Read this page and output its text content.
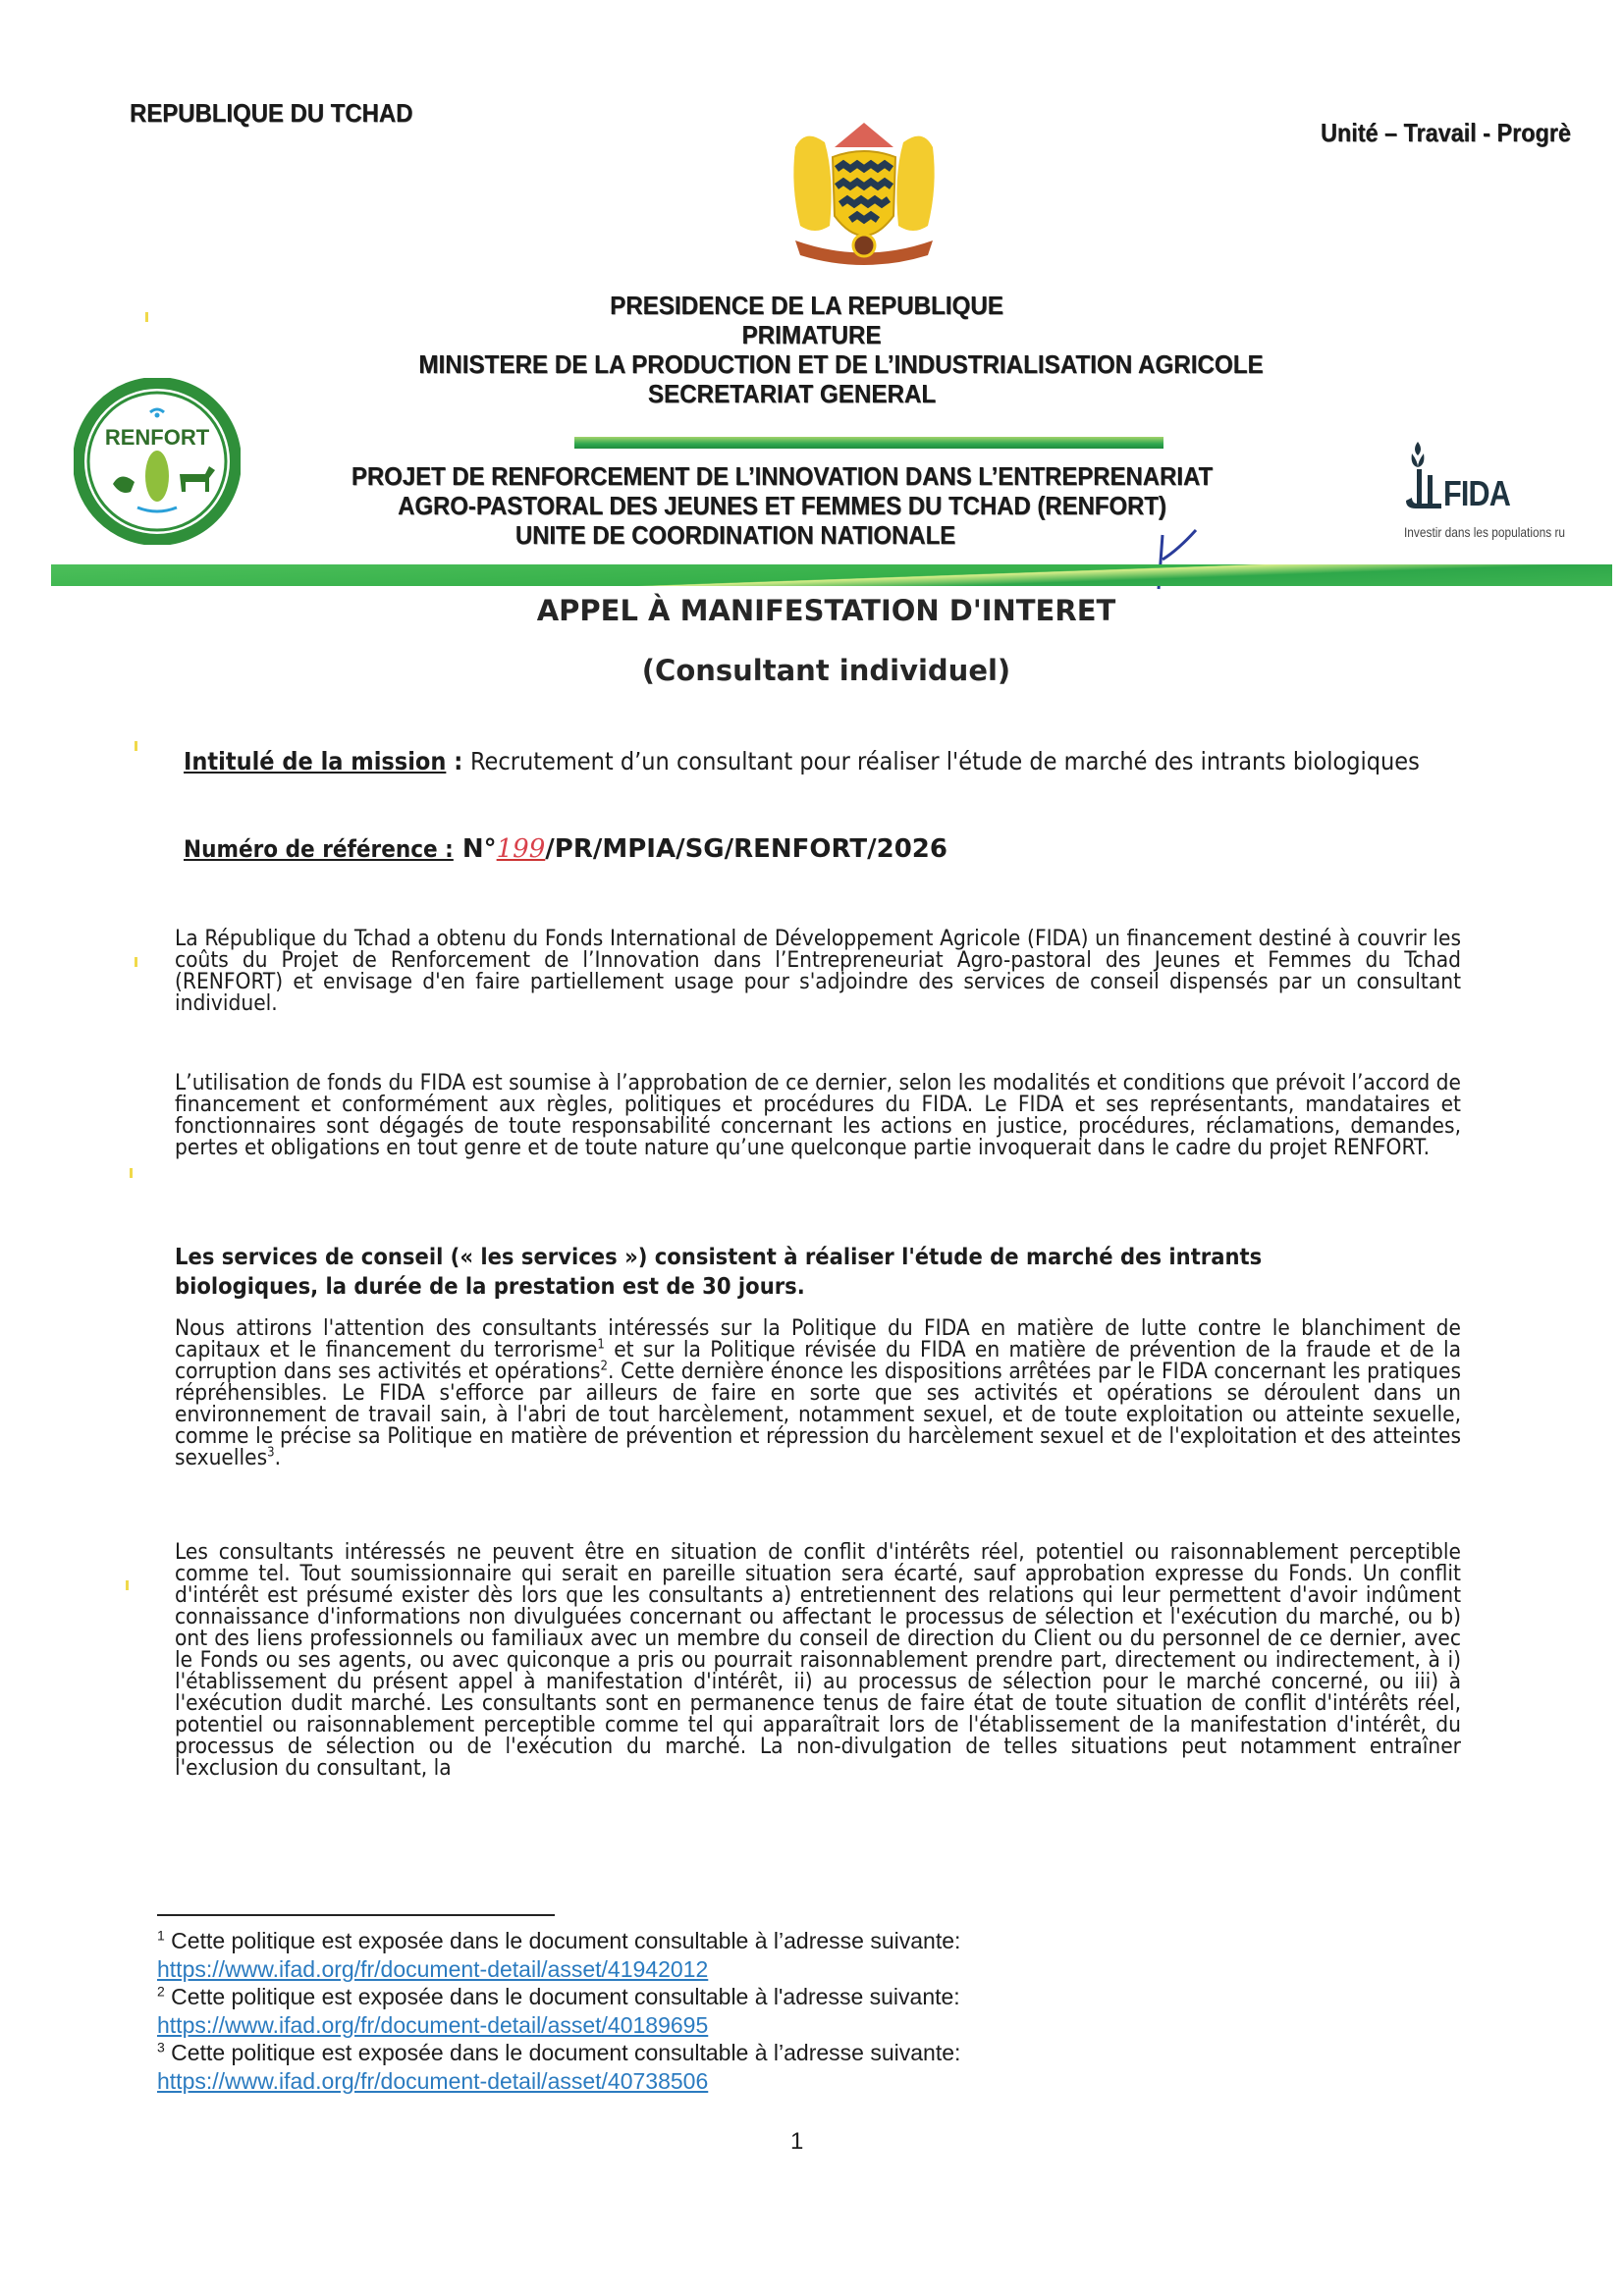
REPUBLIQUE DU TCHAD
Unité – Travail - Progrè
PRESIDENCE DE LA REPUBLIQUE
PRIMATURE
MINISTERE DE LA PRODUCTION ET DE L’INDUSTRIALISATION AGRICOLE
SECRETARIAT GENERAL
RENFORT
PROJET DE RENFORCEMENT DE L’INNOVATION DANS L’ENTREPRENARIAT
AGRO-PASTORAL DES JEUNES ET FEMMES DU TCHAD (RENFORT)
UNITE DE COORDINATION NATIONALE
FIDA
Investir dans les populations ru
APPEL À MANIFESTATION D'INTERET
(Consultant individuel)
Intitulé de la mission : Recrutement d’un consultant pour réaliser l'étude de marché des intrants biologiques
Numéro de référence : N°199/PR/MPIA/SG/RENFORT/2026
La République du Tchad a obtenu du Fonds International de Développement Agricole (FIDA) un financement destiné à couvrir les coûts du Projet de Renforcement de l’Innovation dans l’Entrepreneuriat Agro-pastoral des Jeunes et Femmes du Tchad (RENFORT) et envisage d'en faire partiellement usage pour s'adjoindre des services de conseil dispensés par un consultant individuel.
L’utilisation de fonds du FIDA est soumise à l’approbation de ce dernier, selon les modalités et conditions que prévoit l’accord de financement et conformément aux règles, politiques et procédures du FIDA. Le FIDA et ses représentants, mandataires et fonctionnaires sont dégagés de toute responsabilité concernant les actions en justice, procédures, réclamations, demandes, pertes et obligations en tout genre et de toute nature qu’une quelconque partie invoquerait dans le cadre du projet RENFORT.
Les services de conseil (« les services ») consistent à réaliser l'étude de marché des intrants biologiques, la durée de la prestation est de 30 jours.
Nous attirons l'attention des consultants intéressés sur la Politique du FIDA en matière de lutte contre le blanchiment de capitaux et le financement du terrorisme$^1$ et sur la Politique révisée du FIDA en matière de prévention de la fraude et de la corruption dans ses activités et opérations$^2$. Cette dernière énonce les dispositions arrêtées par le FIDA concernant les pratiques répréhensibles. Le FIDA s'efforce par ailleurs de faire en sorte que ses activités et opérations se déroulent dans un environnement de travail sain, à l'abri de tout harcèlement, notamment sexuel, et de toute exploitation ou atteinte sexuelle, comme le précise sa Politique en matière de prévention et répression du harcèlement sexuel et de l'exploitation et des atteintes sexuelles$^3$.
Les consultants intéressés ne peuvent être en situation de conflit d'intérêts réel, potentiel ou raisonnablement perceptible comme tel. Tout soumissionnaire qui serait en pareille situation sera écarté, sauf approbation expresse du Fonds. Un conflit d'intérêt est présumé exister dès lors que les consultants a) entretiennent des relations qui leur permettent d'avoir indûment connaissance d'informations non divulguées concernant ou affectant le processus de sélection et l'exécution du marché, ou b) ont des liens professionnels ou familiaux avec un membre du conseil de direction du Client ou du personnel de ce dernier, avec le Fonds ou ses agents, ou avec quiconque a pris ou pourrait raisonnablement prendre part, directement ou indirectement, à i) l'établissement du présent appel à manifestation d'intérêt, ii) au processus de sélection pour le marché concerné, ou iii) à l'exécution dudit marché. Les consultants sont en permanence tenus de faire état de toute situation de conflit d'intérêts réel, potentiel ou raisonnablement perceptible comme tel qui apparaîtrait lors de l'établissement de la manifestation d'intérêt, du processus de sélection ou de l'exécution du marché. La non-divulgation de telles situations peut notamment entraîner l'exclusion du consultant, la
$^1$ Cette politique est exposée dans le document consultable à l’adresse suivante:
https://www.ifad.org/fr/document-detail/asset/41942012
$^2$ Cette politique est exposée dans le document consultable à l'adresse suivante:
https://www.ifad.org/fr/document-detail/asset/40189695
$^3$ Cette politique est exposée dans le document consultable à l’adresse suivante:
https://www.ifad.org/fr/document-detail/asset/40738506
1
